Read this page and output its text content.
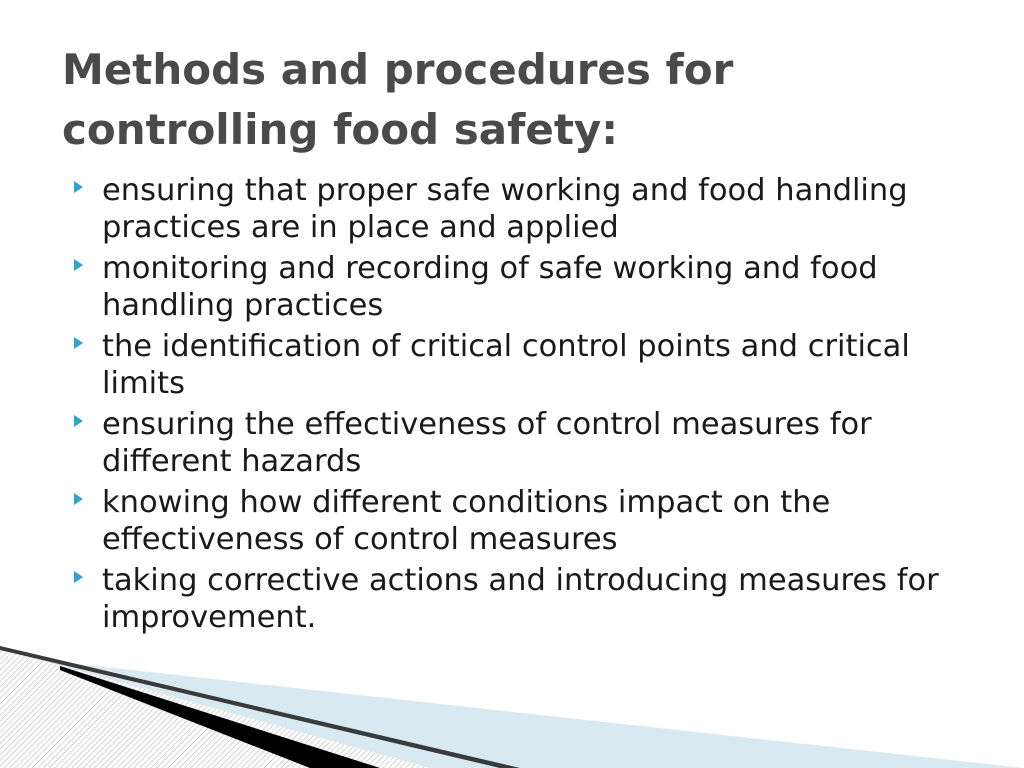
Methods and procedures for controlling food safety:
ensuring that proper safe working and food handling practices are in place and applied
monitoring and recording of safe working and food handling practices
the identification of critical control points and critical limits
ensuring the effectiveness of control measures for different hazards
knowing how different conditions impact on the effectiveness of control measures
taking corrective actions and introducing measures for improvement.
